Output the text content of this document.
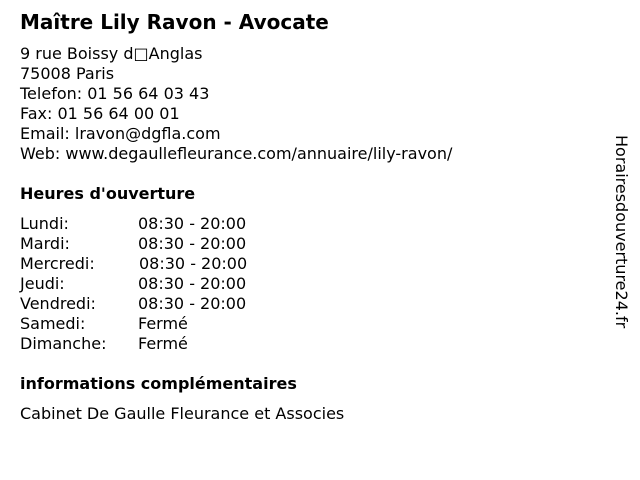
Maître Lily Ravon - Avocate
9 rue Boissy d□Anglas
75008 Paris
Telefon: 01 56 64 03 43
Fax: 01 56 64 00 01
Email: lravon@dgfla.com
Web: www.degaullefleurance.com/annuaire/lily-ravon/
Heures d'ouverture
Lundi:	08:30 - 20:00
Mardi:	08:30 - 20:00
Mercredi:	08:30 - 20:00
Jeudi:	08:30 - 20:00
Vendredi:	08:30 - 20:00
Samedi:	Fermé
Dimanche: Fermé
informations complémentaires
Cabinet De Gaulle Fleurance et Associes
Horairesdouverture24.fr
